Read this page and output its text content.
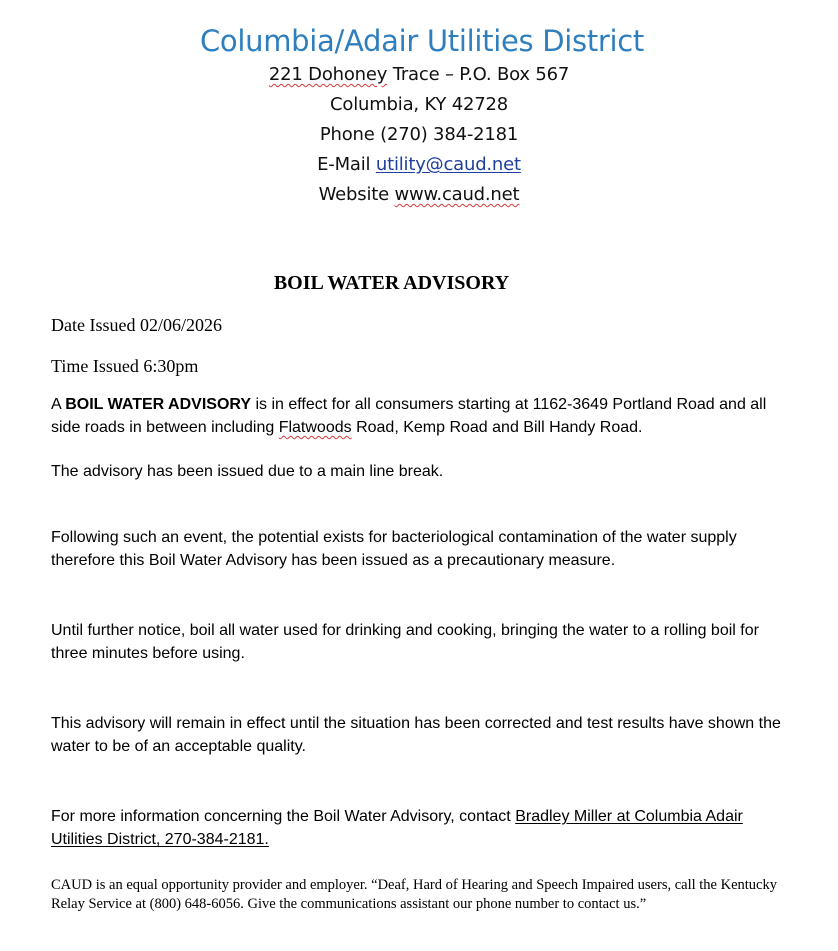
Columbia/Adair Utilities District
221 Dohoney Trace – P.O. Box 567
Columbia, KY 42728
Phone (270) 384-2181
E-Mail utility@caud.net
Website www.caud.net
BOIL WATER ADVISORY
Date Issued 02/06/2026
Time Issued 6:30pm

A BOIL WATER ADVISORY is in effect for all consumers starting at 1162-3649 Portland Road and all side roads in between including Flatwoods Road, Kemp Road and Bill Handy Road.

The advisory has been issued due to a main line break.

Following such an event, the potential exists for bacteriological contamination of the water supply therefore this Boil Water Advisory has been issued as a precautionary measure.

Until further notice, boil all water used for drinking and cooking, bringing the water to a rolling boil for three minutes before using.

This advisory will remain in effect until the situation has been corrected and test results have shown the water to be of an acceptable quality.

For more information concerning the Boil Water Advisory, contact Bradley Miller at Columbia Adair Utilities District, 270-384-2181.

CAUD is an equal opportunity provider and employer. “Deaf, Hard of Hearing and Speech Impaired users, call the Kentucky Relay Service at (800) 648-6056. Give the communications assistant our phone number to contact us.”
